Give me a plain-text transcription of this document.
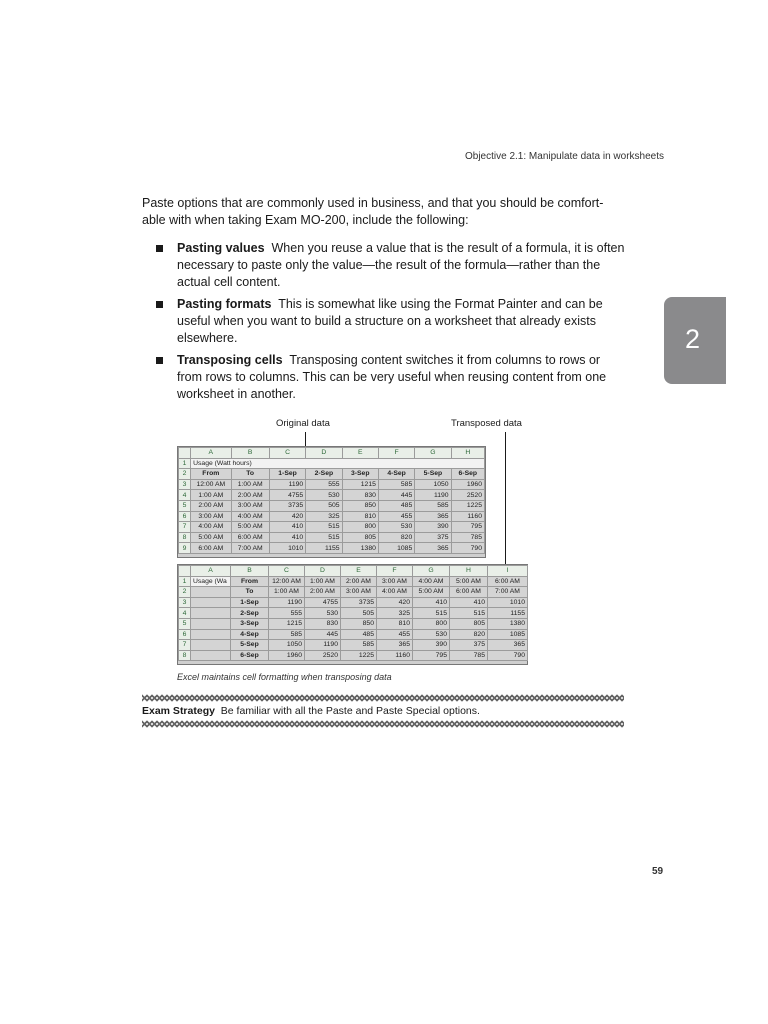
Objective 2.1: Manipulate data in worksheets
2

Paste options that are commonly used in business, and that you should be comfort-able with when taking Exam MO-200, include the following:

Pasting values When you reuse a value that is the result of a formula, it is often necessary to paste only the value—the result of the formula—rather than the actual cell content.
Pasting formats This is somewhat like using the Format Painter and can be useful when you want to build a structure on a worksheet that already exists elsewhere.
Transposing cells Transposing content switches it from columns to rows or from rows to columns. This can be very useful when reusing content from one worksheet in another.
Original data	Transposed data
	A	B	C	D	E	F	G	H
1	Usage (Watt hours)							
2	From	To	1-Sep	2-Sep	3-Sep	4-Sep	5-Sep	6-Sep
3	12:00 AM	1:00 AM	1190	555	1215	585	1050	1960
4	1:00 AM	2:00 AM	4755	530	830	445	1190	2520
5	2:00 AM	3:00 AM	3735	505	850	485	585	1225
6	3:00 AM	4:00 AM	420	325	810	455	365	1160
7	4:00 AM	5:00 AM	410	515	800	530	390	795
8	5:00 AM	6:00 AM	410	515	805	820	375	785
9	6:00 AM	7:00 AM	1010	1155	1380	1085	365	790
	A	B	C	D	E	F	G	H	I
1	Usage (Wa	From	12:00 AM	1:00 AM	2:00 AM	3:00 AM	4:00 AM	5:00 AM	6:00 AM
2		To	1:00 AM	2:00 AM	3:00 AM	4:00 AM	5:00 AM	6:00 AM	7:00 AM
3		1-Sep	1190	4755	3735	420	410	410	1010
4		2-Sep	555	530	505	325	515	515	1155
5		3-Sep	1215	830	850	810	800	805	1380
6		4-Sep	585	445	485	455	530	820	1085
7		5-Sep	1050	1190	585	365	390	375	365
8		6-Sep	1960	2520	1225	1160	795	785	790
Excel maintains cell formatting when transposing data
Exam Strategy Be familiar with all the Paste and Paste Special options.
59
